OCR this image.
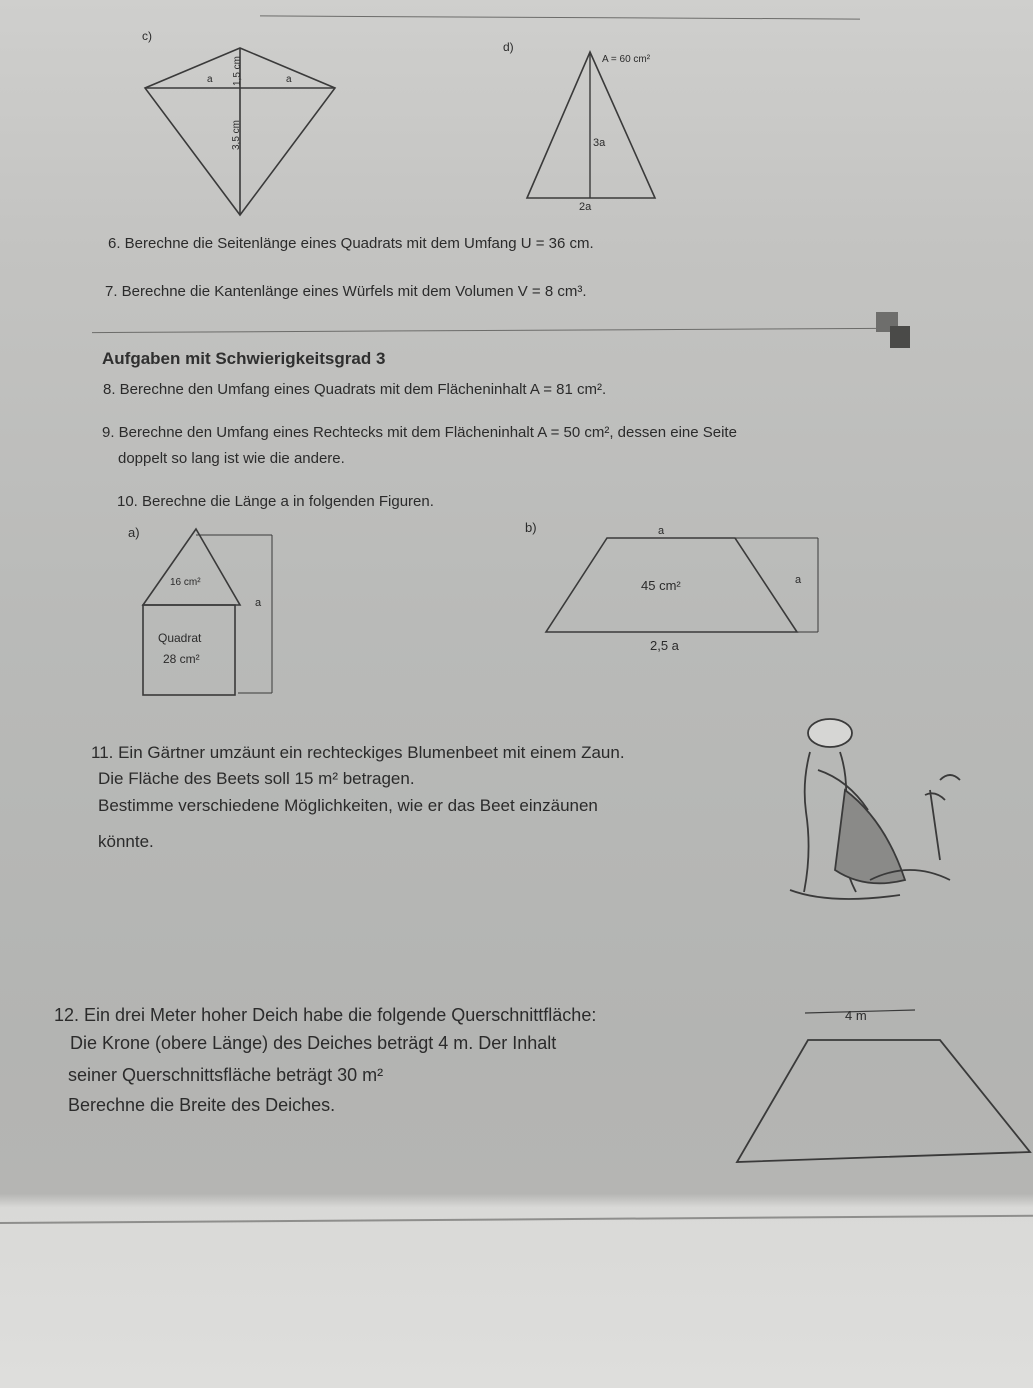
c)
1,5 cm
a	a
3,5 cm
d)
A = 60 cm²
3a
2a
6. Berechne die Seitenlänge eines Quadrats mit dem Umfang U = 36 cm.
7. Berechne die Kantenlänge eines Würfels mit dem Volumen V = 8 cm³.
Aufgaben mit Schwierigkeitsgrad 3
8. Berechne den Umfang eines Quadrats mit dem Flächeninhalt A = 81 cm².
9. Berechne den Umfang eines Rechtecks mit dem Flächeninhalt A = 50 cm², dessen eine Seite
doppelt so lang ist wie die andere.
10. Berechne die Länge a in folgenden Figuren.
a)
16 cm²
a
Quadrat
28 cm²
b)	a
45 cm²	a
2,5 a
11. Ein Gärtner umzäunt ein rechteckiges Blumenbeet mit einem Zaun.
Die Fläche des Beets soll 15 m² betragen.
Bestimme verschiedene Möglichkeiten, wie er das Beet einzäunen
könnte.
12. Ein drei Meter hoher Deich habe die folgende Querschnittfläche:
Die Krone (obere Länge) des Deiches beträgt 4 m. Der Inhalt
seiner Querschnittsfläche beträgt 30 m²
Berechne die Breite des Deiches.
4 m
